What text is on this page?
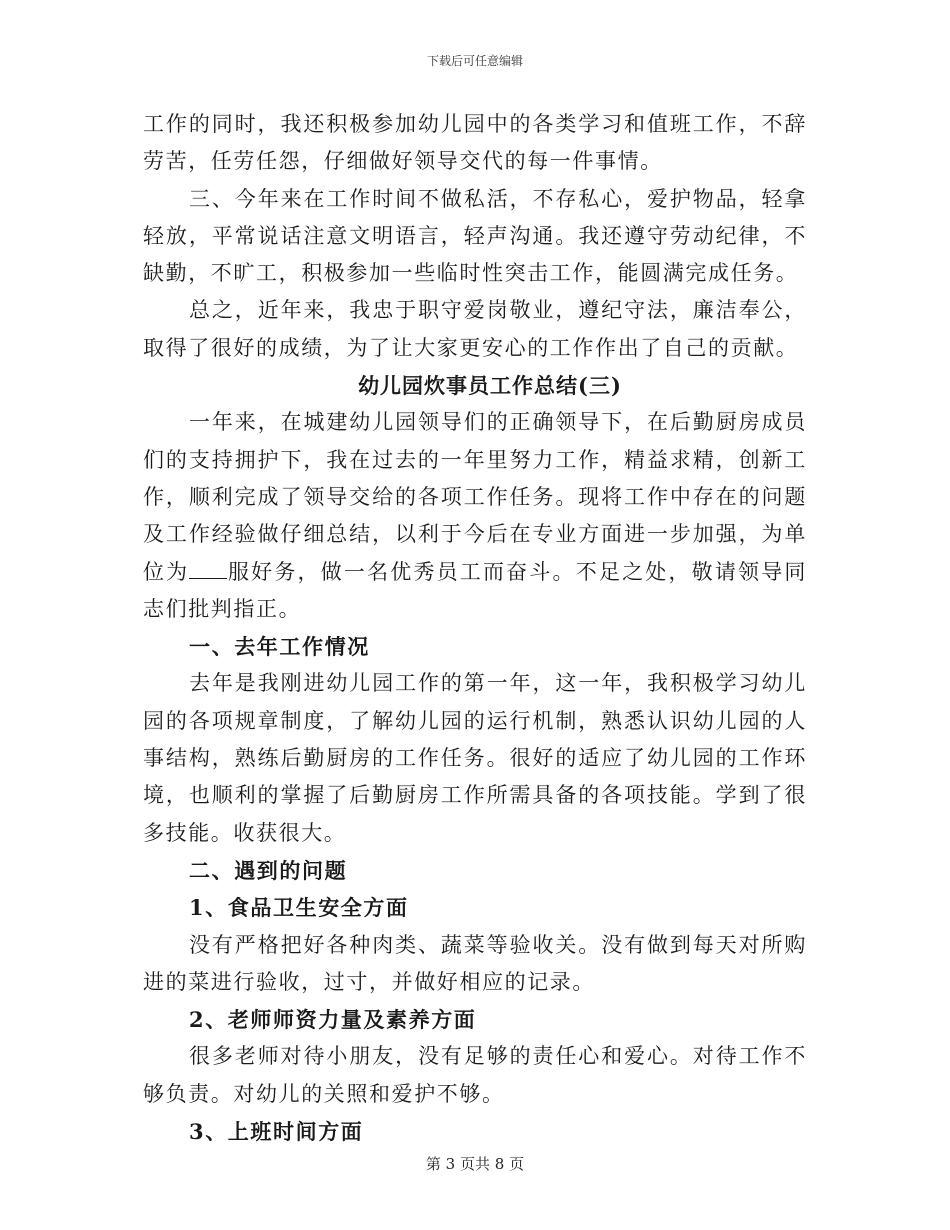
下载后可任意编辑

工作的同时，我还积极参加幼儿园中的各类学习和值班工作，不辞劳苦，任劳任怨，仔细做好领导交代的每一件事情。

三、今年来在工作时间不做私活，不存私心，爱护物品，轻拿轻放，平常说话注意文明语言，轻声沟通。我还遵守劳动纪律，不缺勤，不旷工，积极参加一些临时性突击工作，能圆满完成任务。

总之，近年来，我忠于职守爱岗敬业，遵纪守法，廉洁奉公，取得了很好的成绩，为了让大家更安心的工作作出了自己的贡献。

幼儿园炊事员工作总结(三)

一年来，在城建幼儿园领导们的正确领导下，在后勤厨房成员们的支持拥护下，我在过去的一年里努力工作，精益求精，创新工作，顺利完成了领导交给的各项工作任务。现将工作中存在的问题及工作经验做仔细总结，以利于今后在专业方面进一步加强，为单位为 服好务，做一名优秀员工而奋斗。不足之处，敬请领导同志们批判指正。

一、去年工作情况

去年是我刚进幼儿园工作的第一年，这一年，我积极学习幼儿园的各项规章制度，了解幼儿园的运行机制，熟悉认识幼儿园的人事结构，熟练后勤厨房的工作任务。很好的适应了幼儿园的工作环境，也顺利的掌握了后勤厨房工作所需具备的各项技能。学到了很多技能。收获很大。

二、遇到的问题

1、食品卫生安全方面

没有严格把好各种肉类、蔬菜等验收关。没有做到每天对所购进的菜进行验收，过寸，并做好相应的记录。

2、老师师资力量及素养方面

很多老师对待小朋友，没有足够的责任心和爱心。对待工作不够负责。对幼儿的关照和爱护不够。

3、上班时间方面

第 3 页共 8 页
